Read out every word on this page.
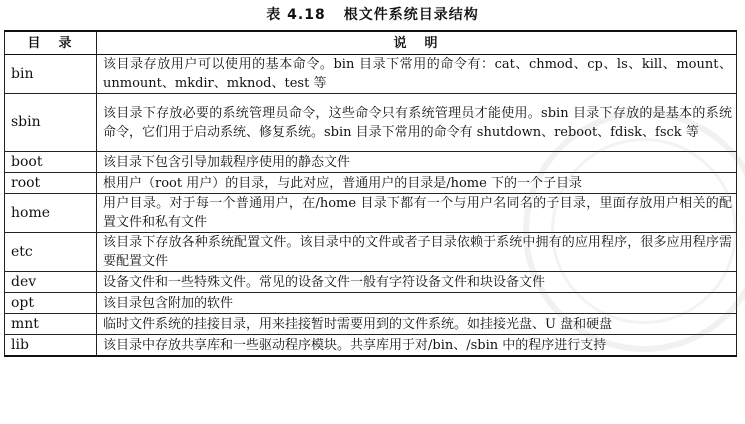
表 4.18 根文件系统目录结构
目录	说明
bin	该目录存放用户可以使用的基本命令。bin 目录下常用的命令有：cat、chmod、cp、ls、kill、mount、unmount、mkdir、mknod、test 等
sbin	该目录下存放必要的系统管理员命令，这些命令只有系统管理员才能使用。sbin 目录下存放的是基本的系统命令，它们用于启动系统、修复系统。sbin 目录下常用的命令有 shutdown、reboot、fdisk、fsck 等
boot	该目录下包含引导加载程序使用的静态文件
root	根用户（root 用户）的目录，与此对应，普通用户的目录是/home 下的一个子目录
home	用户目录。对于每一个普通用户，在/home 目录下都有一个与用户名同名的子目录，里面存放用户相关的配置文件和私有文件
etc	该目录下存放各种系统配置文件。该目录中的文件或者子目录依赖于系统中拥有的应用程序，很多应用程序需要配置文件
dev	设备文件和一些特殊文件。常见的设备文件一般有字符设备文件和块设备文件
opt	该目录包含附加的软件
mnt	临时文件系统的挂接目录，用来挂接暂时需要用到的文件系统。如挂接光盘、U 盘和硬盘
lib	该目录中存放共享库和一些驱动程序模块。共享库用于对/bin、/sbin 中的程序进行支持
